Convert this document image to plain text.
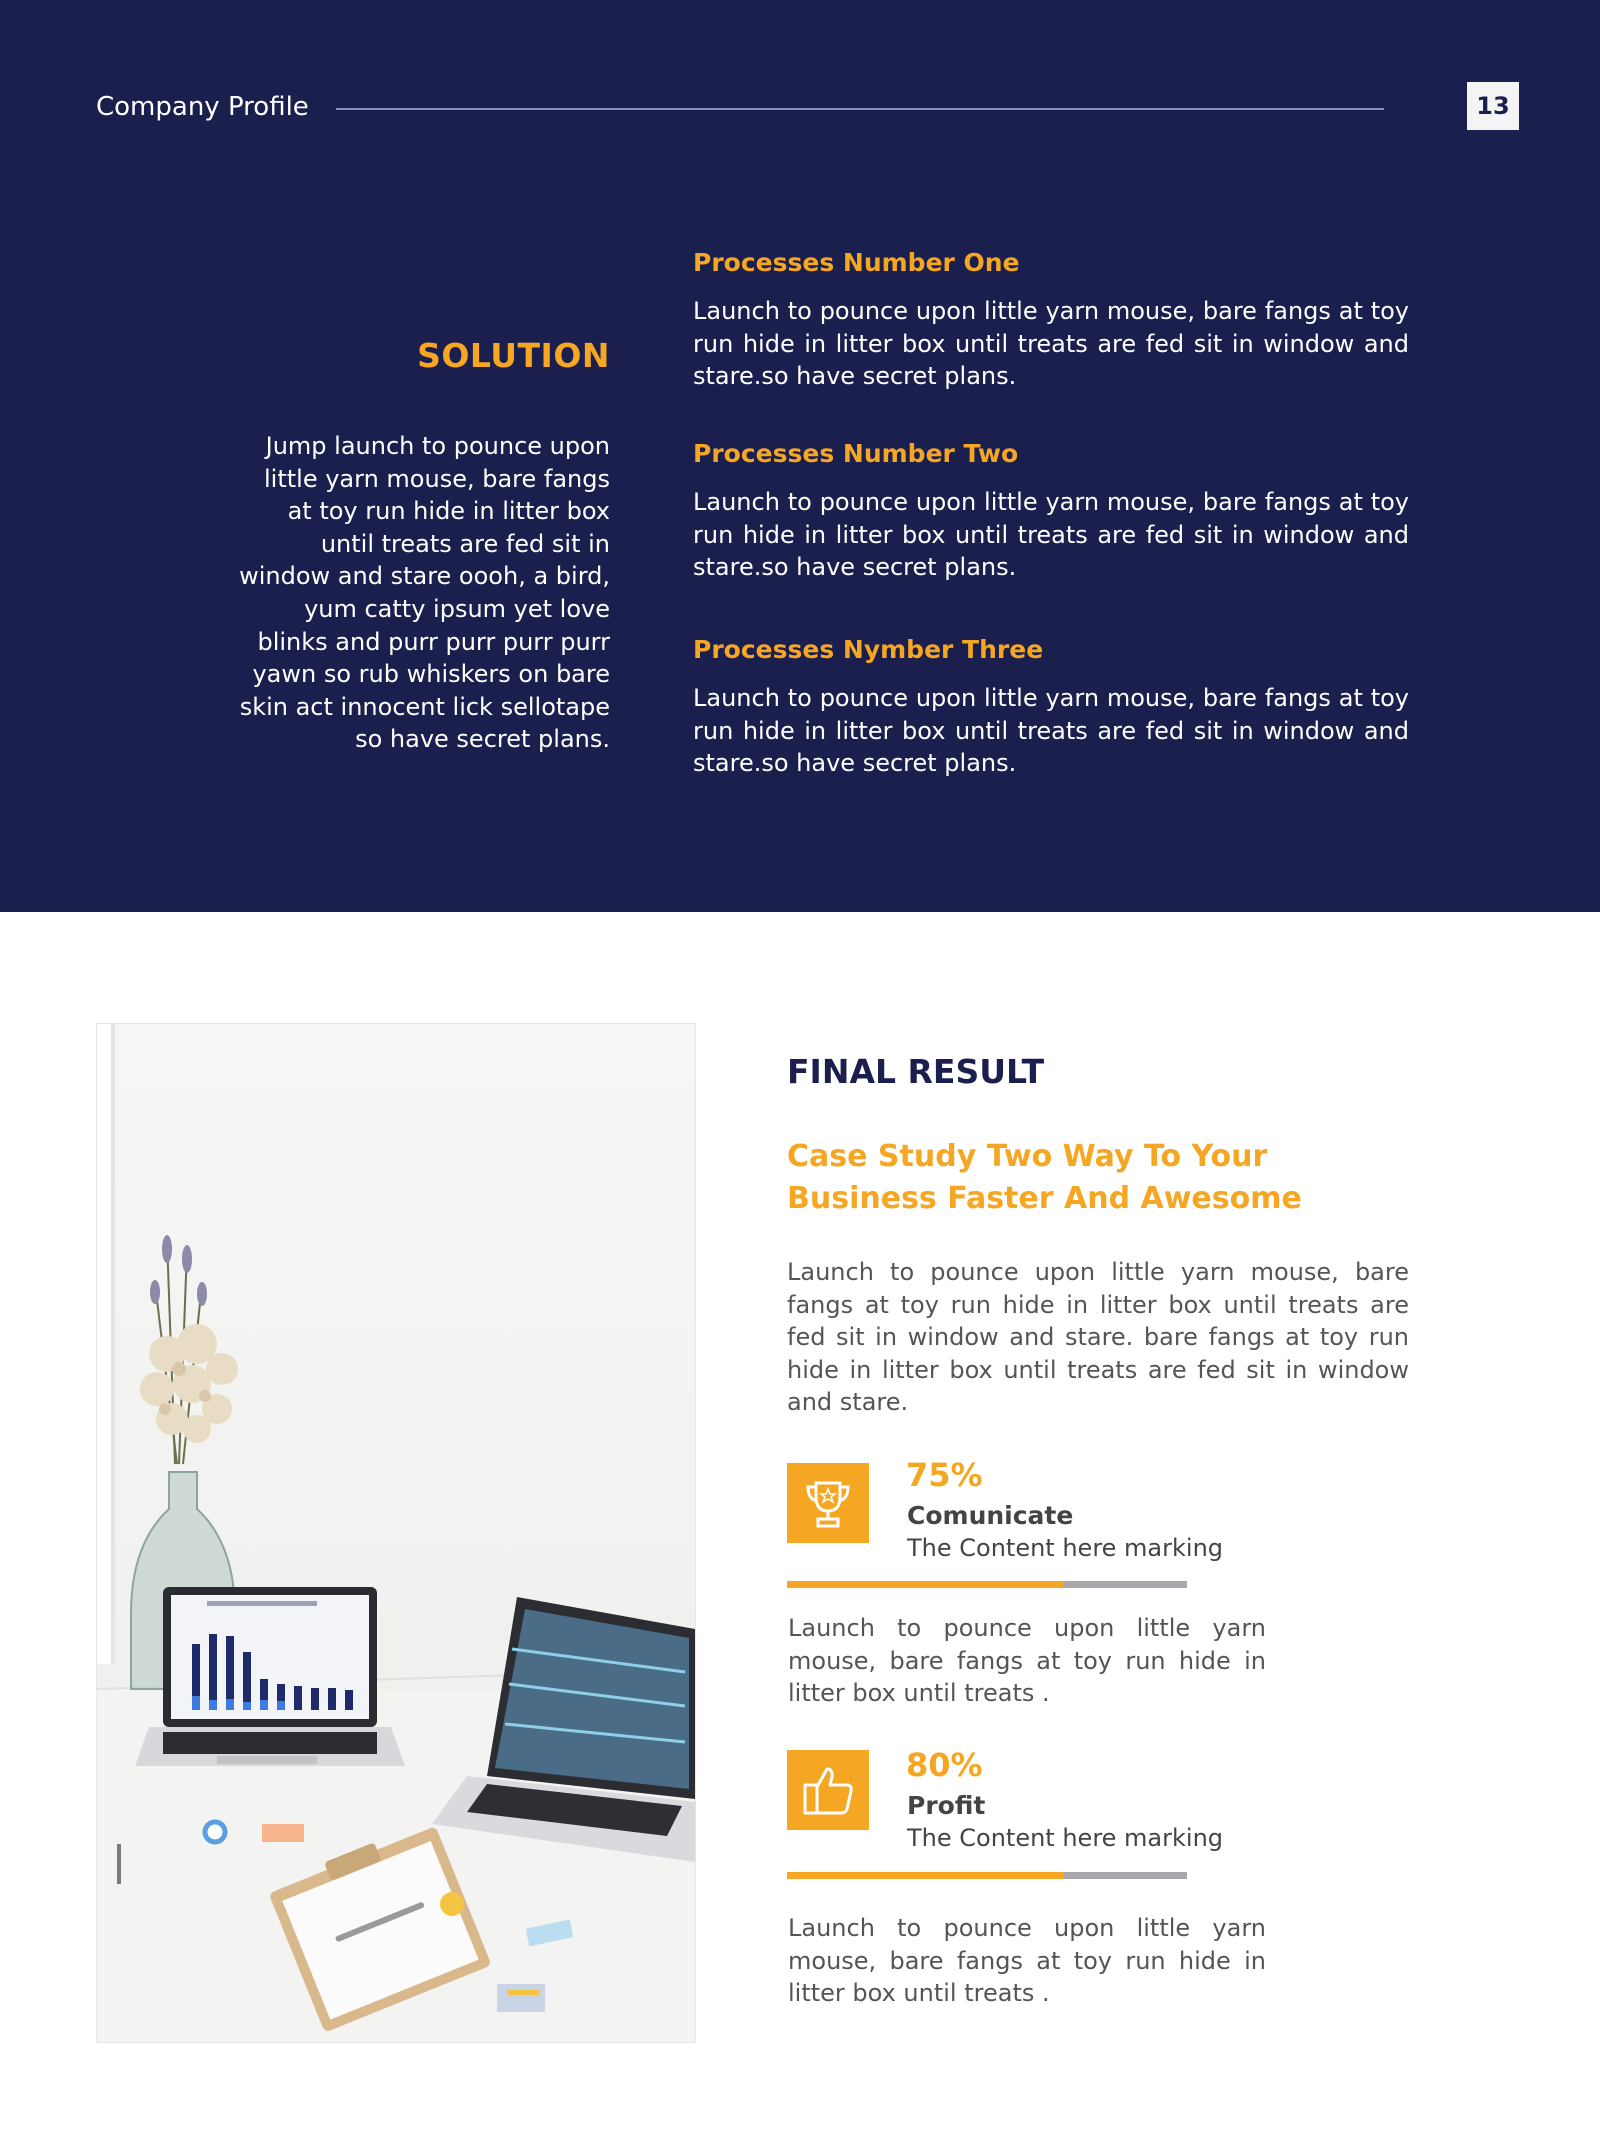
Company Profile	13
SOLUTION
Jump launch to pounce upon little yarn mouse, bare fangs at toy run hide in litter box until treats are fed sit in window and stare oooh, a bird, yum catty ipsum yet love blinks and purr purr purr purr yawn so rub whiskers on bare skin act innocent lick sellotape so have secret plans.

Processes Number One

Launch to pounce upon little yarn mouse, bare fangs at toy run hide in litter box until treats are fed sit in window and stare.so have secret plans.

Processes Number Two

Launch to pounce upon little yarn mouse, bare fangs at toy run hide in litter box until treats are fed sit in window and stare.so have secret plans.

Processes Nymber Three

Launch to pounce upon little yarn mouse, bare fangs at toy run hide in litter box until treats are fed sit in window and stare.so have secret plans.

FINAL RESULT
Case Study Two Way To Your Business Faster And Awesome
Launch to pounce upon little yarn mouse, bare fangs at toy run hide in litter box until treats are fed sit in window and stare. bare fangs at toy run hide in litter box until treats are fed sit in window and stare.
75%
Comunicate
The Content here marking
Launch to pounce upon little yarn mouse, bare fangs at toy run hide in litter box until treats .
80%
Profit
The Content here marking
Launch to pounce upon little yarn mouse, bare fangs at toy run hide in litter box until treats .
